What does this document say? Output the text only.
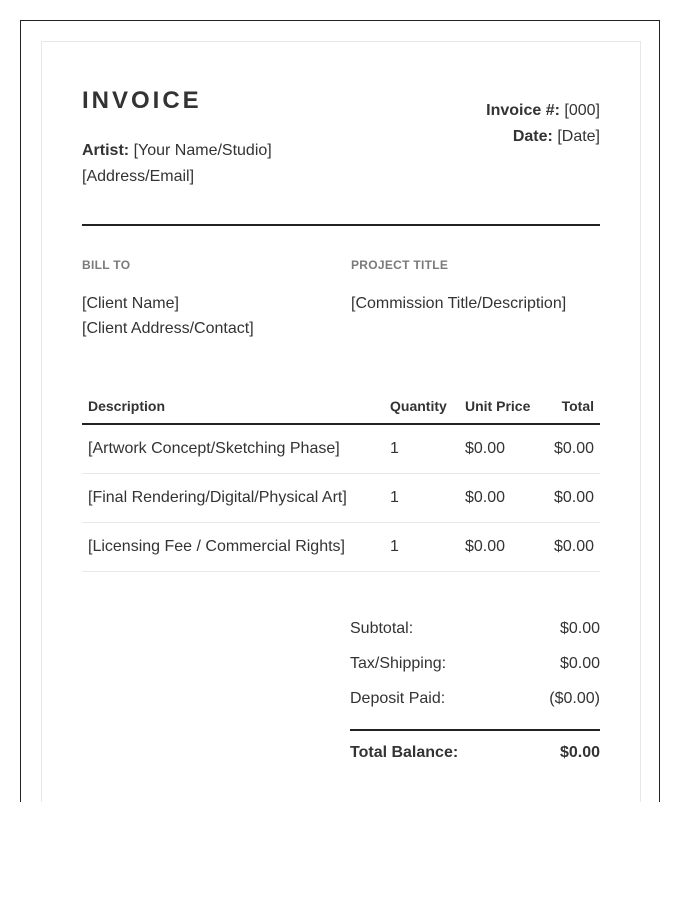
INVOICE
Artist: [Your Name/Studio]
[Address/Email]
Invoice #: [000]
Date: [Date]
BILL TO
[Client Name]
[Client Address/Contact]
PROJECT TITLE
[Commission Title/Description]
Description	Quantity	Unit Price	Total
[Artwork Concept/Sketching Phase]	1	$0.00	$0.00
[Final Rendering/Digital/Physical Art]	1	$0.00	$0.00
[Licensing Fee / Commercial Rights]	1	$0.00	$0.00
Subtotal:	$0.00
Tax/Shipping:	$0.00
Deposit Paid:	($0.00)
Total Balance:	$0.00
